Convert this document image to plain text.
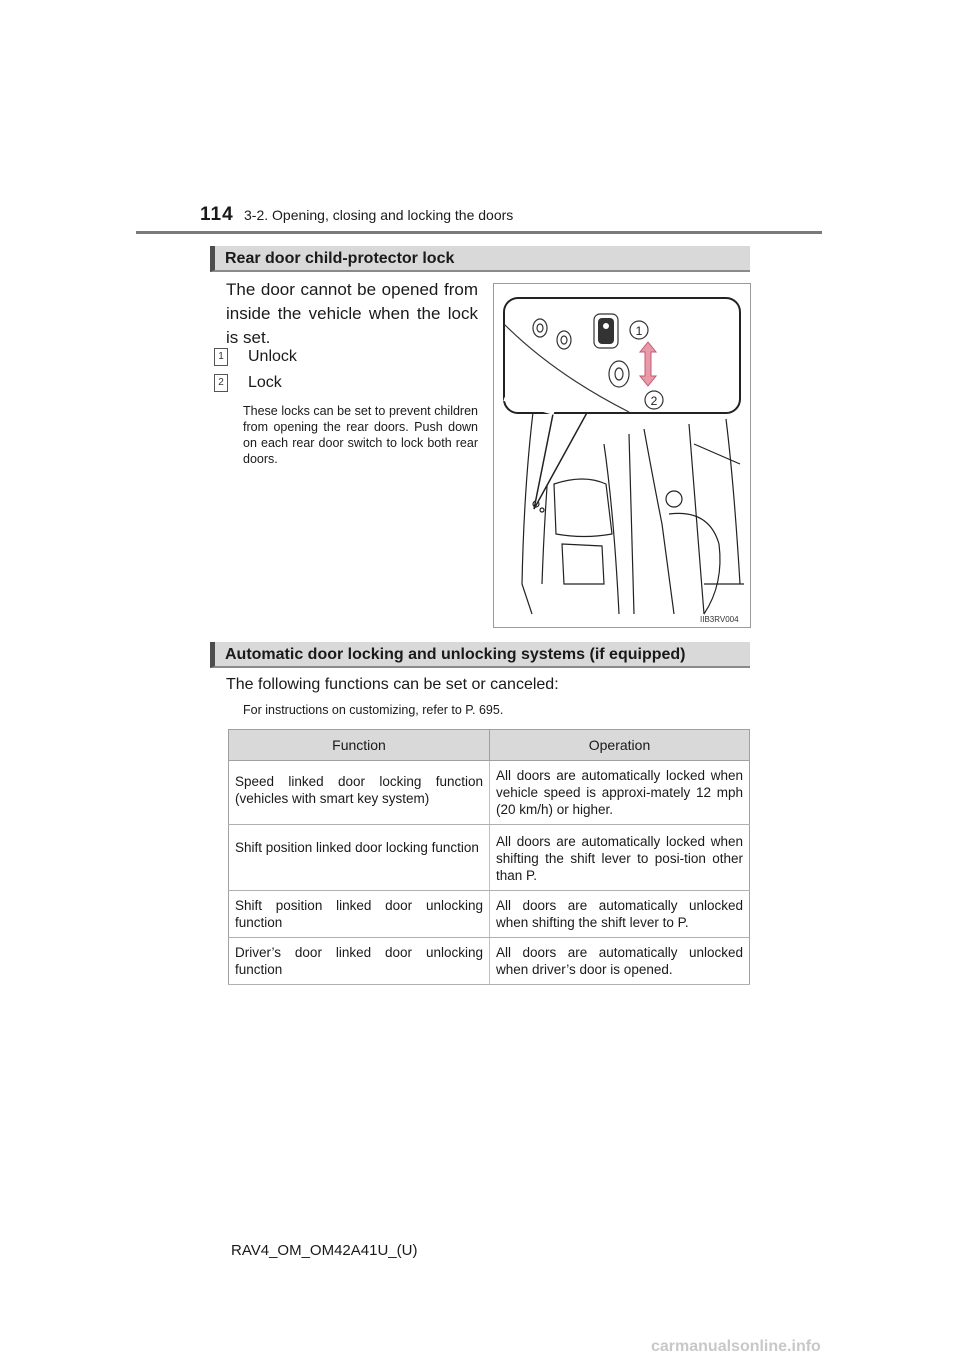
114 3-2. Opening, closing and locking the doors
Rear door child-protector lock
The door cannot be opened from inside the vehicle when the lock is set.
1 Unlock
2 Lock
These locks can be set to prevent children from opening the rear doors. Push down on each rear door switch to lock both rear doors.
1
2
IIB3RV004
Automatic door locking and unlocking systems (if equipped)
The following functions can be set or canceled:
For instructions on customizing, refer to P. 695.
Function	Operation
Speed linked door locking function (vehicles with smart key system)	All doors are automatically locked when vehicle speed is approxi-mately 12 mph (20 km/h) or higher.
Shift position linked door locking function	All doors are automatically locked when shifting the shift lever to posi-tion other than P.
Shift position linked door unlocking function	All doors are automatically unlocked when shifting the shift lever to P.
Driver’s door linked door unlocking function	All doors are automatically unlocked when driver’s door is opened.
RAV4_OM_OM42A41U_(U)
carmanualsonline.info
